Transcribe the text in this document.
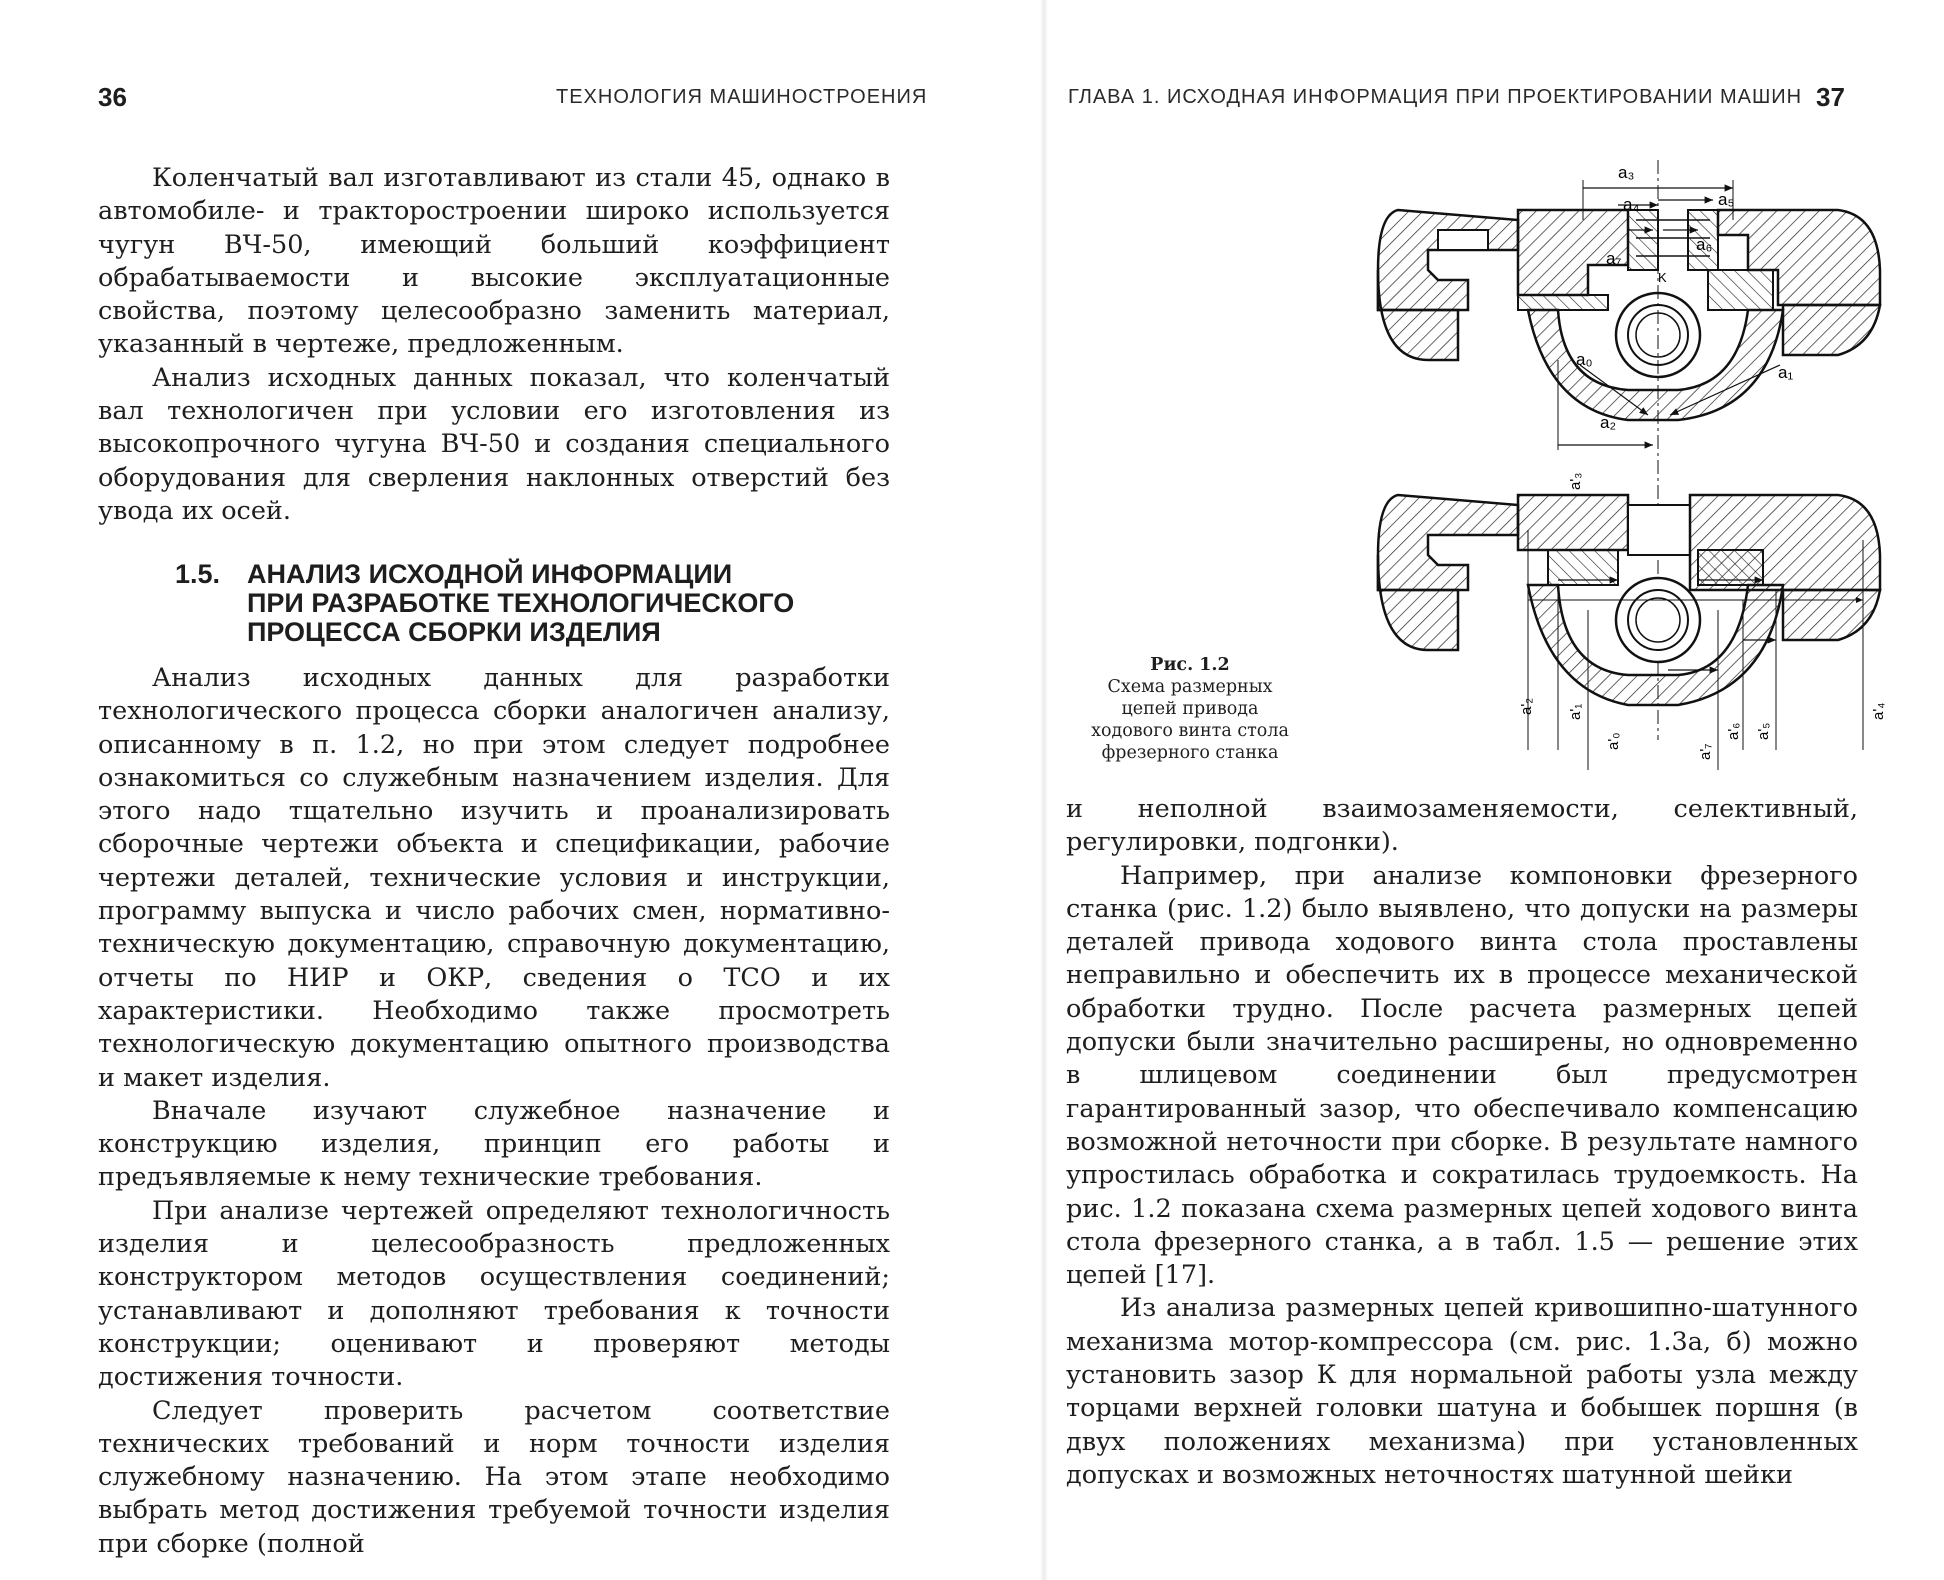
36	ТЕХНОЛОГИЯ МАШИНОСТРОЕНИЯ

Коленчатый вал изготавливают из стали 45, однако в автомобиле- и тракторостроении широко используется чугун ВЧ-50, имеющий больший коэффициент обрабатываемости и высокие эксплуатационные свойства, поэтому целесообразно заменить материал, указанный в чертеже, предложенным.

Анализ исходных данных показал, что коленчатый вал технологичен при условии его изготовления из высокопрочного чугуна ВЧ-50 и создания специального оборудования для сверления наклонных отверстий без увода их осей.

1.5. АНАЛИЗ ИСХОДНОЙ ИНФОРМАЦИИ
ПРИ РАЗРАБОТКЕ ТЕХНОЛОГИЧЕСКОГО
ПРОЦЕССА СБОРКИ ИЗДЕЛИЯ

Анализ исходных данных для разработки технологического процесса сборки аналогичен анализу, описанному в п. 1.2, но при этом следует подробнее ознакомиться со служебным назначением изделия. Для этого надо тщательно изучить и проанализировать сборочные чертежи объекта и спецификации, рабочие чертежи деталей, технические условия и инструкции, программу выпуска и число рабочих смен, нормативно-техническую документацию, справочную документацию, отчеты по НИР и ОКР, сведения о ТСО и их характеристики. Необходимо также просмотреть технологическую документацию опытного производства и макет изделия.

Вначале изучают служебное назначение и конструкцию изделия, принцип его работы и предъявляемые к нему технические требования.

При анализе чертежей определяют технологичность изделия и целесообразность предложенных конструктором методов осуществления соединений; устанавливают и дополняют требования к точности конструкции; оценивают и проверяют методы достижения точности.

Следует проверить расчетом соответствие технических требований и норм точности изделия служебному назначению. На этом этапе необходимо выбрать метод достижения требуемой точности изделия при сборке (полной

ГЛАВА 1. ИСХОДНАЯ ИНФОРМАЦИЯ ПРИ ПРОЕКТИРОВАНИИ МАШИН 37
Рис. 1.2
Схема размерных
цепей привода
ходового винта стола
фрезерного станка
a₃
a₄	a₅
a₆
a₇
K
a₀
a₁
a₂
a'₃
a'₂ a'₁
a'₀
a'₇
a'₆ a'₅
a'₄

и неполной взаимозаменяемости, селективный, регулировки, подгонки).

Например, при анализе компоновки фрезерного станка (рис. 1.2) было выявлено, что допуски на размеры деталей привода ходового винта стола проставлены неправильно и обеспечить их в процессе механической обработки трудно. После расчета размерных цепей допуски были значительно расширены, но одновременно в шлицевом соединении был предусмотрен гарантированный зазор, что обеспечивало компенсацию возможной неточности при сборке. В результате намного упростилась обработка и сократилась трудоемкость. На рис. 1.2 показана схема размерных цепей ходового винта стола фрезерного станка, а в табл. 1.5 — решение этих цепей [17].

Из анализа размерных цепей кривошипно-шатунного механизма мотор-компрессора (см. рис. 1.3а, б) можно установить зазор К для нормальной работы узла между торцами верхней головки шатуна и бобышек поршня (в двух положениях механизма) при установленных допусках и возможных неточностях шатунной шейки
